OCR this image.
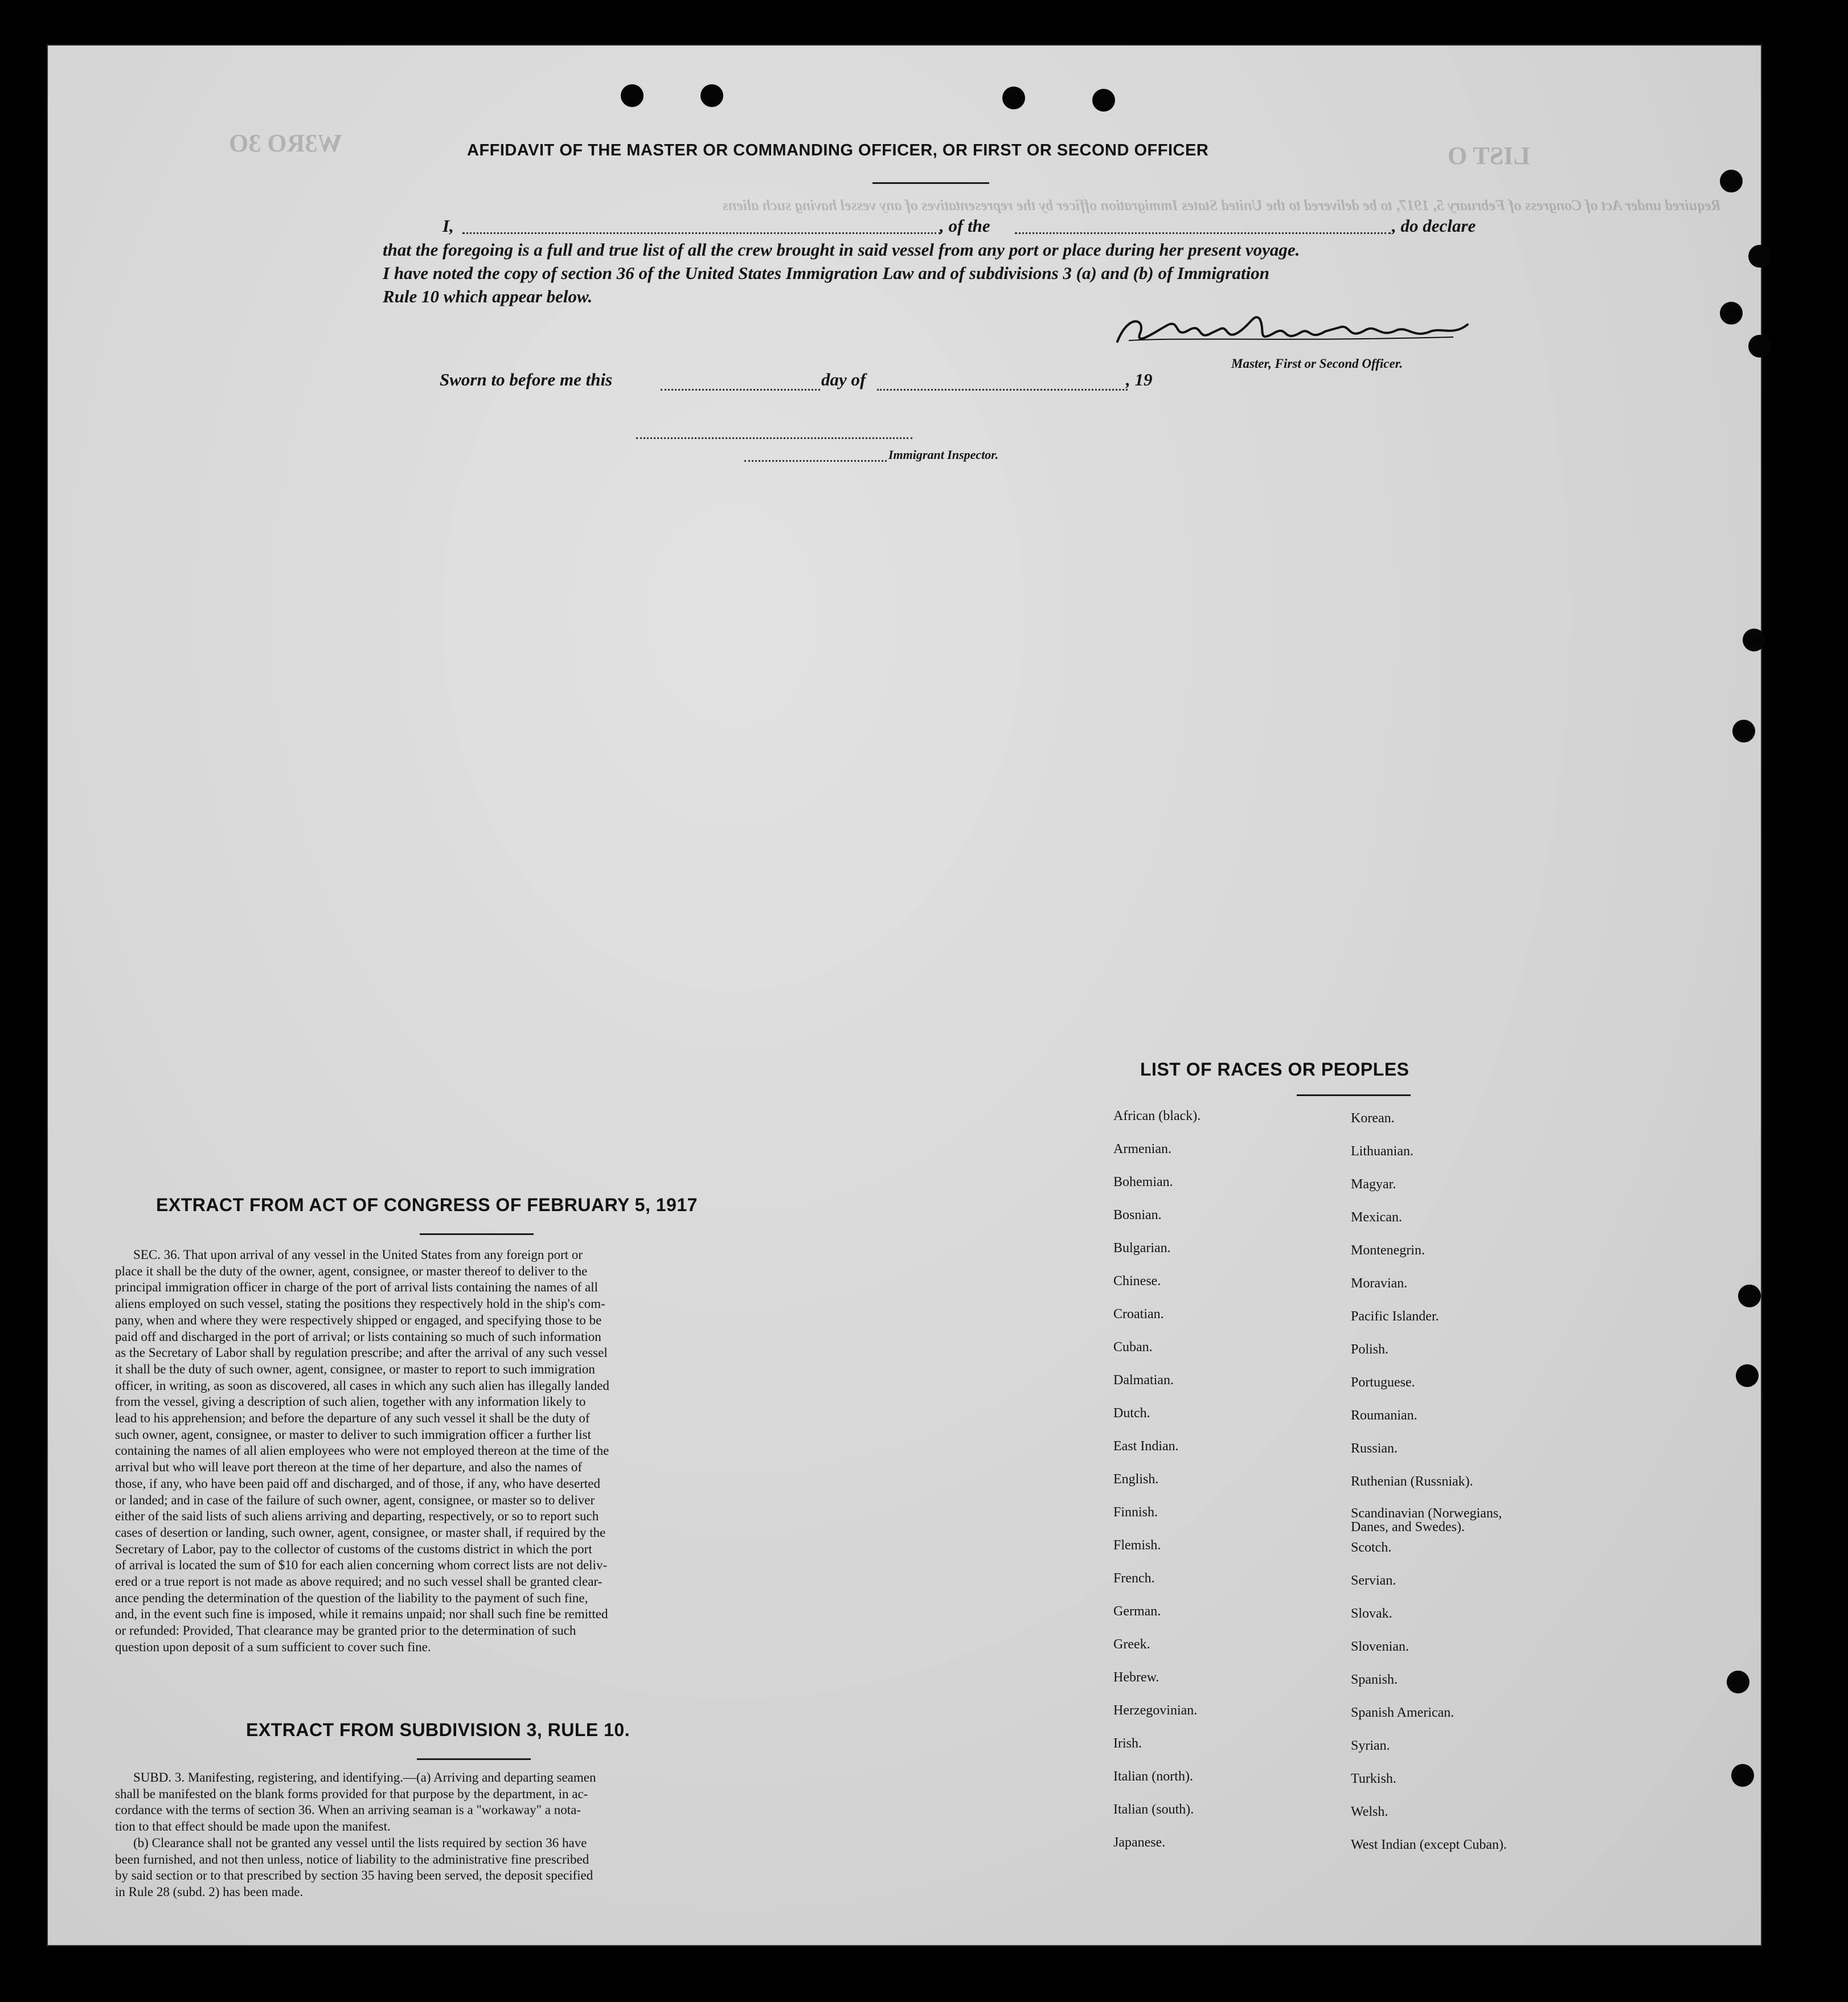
W3RO 3O	LIST O
Required under Act of Congress of February 5, 1917, to be delivered to the United States Immigration officer by the representatives of any vessel having such aliens
AFFIDAVIT OF THE MASTER OR COMMANDING OFFICER, OR FIRST OR SECOND OFFICER
I,	, of the	, do declare
that the foregoing is a full and true list of all the crew brought in said vessel from any port or place during her present voyage.
I have noted the copy of section 36 of the United States Immigration Law and of subdivisions 3 (a) and (b) of Immigration
Rule 10 which appear below.
Master, First or Second Officer.
Sworn to before me this	day of	, 19
Immigrant Inspector.
EXTRACT FROM ACT OF CONGRESS OF FEBRUARY 5, 1917
SEC. 36. That upon arrival of any vessel in the United States from any foreign port or
place it shall be the duty of the owner, agent, consignee, or master thereof to deliver to the
principal immigration officer in charge of the port of arrival lists containing the names of all
aliens employed on such vessel, stating the positions they respectively hold in the ship's com-
pany, when and where they were respectively shipped or engaged, and specifying those to be
paid off and discharged in the port of arrival; or lists containing so much of such information
as the Secretary of Labor shall by regulation prescribe; and after the arrival of any such vessel
it shall be the duty of such owner, agent, consignee, or master to report to such immigration
officer, in writing, as soon as discovered, all cases in which any such alien has illegally landed
from the vessel, giving a description of such alien, together with any information likely to
lead to his apprehension; and before the departure of any such vessel it shall be the duty of
such owner, agent, consignee, or master to deliver to such immigration officer a further list
containing the names of all alien employees who were not employed thereon at the time of the
arrival but who will leave port thereon at the time of her departure, and also the names of
those, if any, who have been paid off and discharged, and of those, if any, who have deserted
or landed; and in case of the failure of such owner, agent, consignee, or master so to deliver
either of the said lists of such aliens arriving and departing, respectively, or so to report such
cases of desertion or landing, such owner, agent, consignee, or master shall, if required by the
Secretary of Labor, pay to the collector of customs of the customs district in which the port
of arrival is located the sum of $10 for each alien concerning whom correct lists are not deliv-
ered or a true report is not made as above required; and no such vessel shall be granted clear-
ance pending the determination of the question of the liability to the payment of such fine,
and, in the event such fine is imposed, while it remains unpaid; nor shall such fine be remitted
or refunded: Provided, That clearance may be granted prior to the determination of such
question upon deposit of a sum sufficient to cover such fine.
EXTRACT FROM SUBDIVISION 3, RULE 10.
SUBD. 3. Manifesting, registering, and identifying.—(a) Arriving and departing seamen
shall be manifested on the blank forms provided for that purpose by the department, in ac-
cordance with the terms of section 36. When an arriving seaman is a "workaway" a nota-
tion to that effect should be made upon the manifest.
(b) Clearance shall not be granted any vessel until the lists required by section 36 have
been furnished, and not then unless, notice of liability to the administrative fine prescribed
by said section or to that prescribed by section 35 having been served, the deposit specified
in Rule 28 (subd. 2) has been made.
LIST OF RACES OR PEOPLES
African (black).
Armenian.
Bohemian.
Bosnian.
Bulgarian.
Chinese.
Croatian.
Cuban.
Dalmatian.
Dutch.
East Indian.
English.
Finnish.
Flemish.
French.
German.
Greek.
Hebrew.
Herzegovinian.
Irish.
Italian (north).
Italian (south).
Japanese.
Korean.
Lithuanian.
Magyar.
Mexican.
Montenegrin.
Moravian.
Pacific Islander.
Polish.
Portuguese.
Roumanian.
Russian.
Ruthenian (Russniak).
Scandinavian (Norwegians,
Danes, and Swedes).
Scotch.
Servian.
Slovak.
Slovenian.
Spanish.
Spanish American.
Syrian.
Turkish.
Welsh.
West Indian (except Cuban).
